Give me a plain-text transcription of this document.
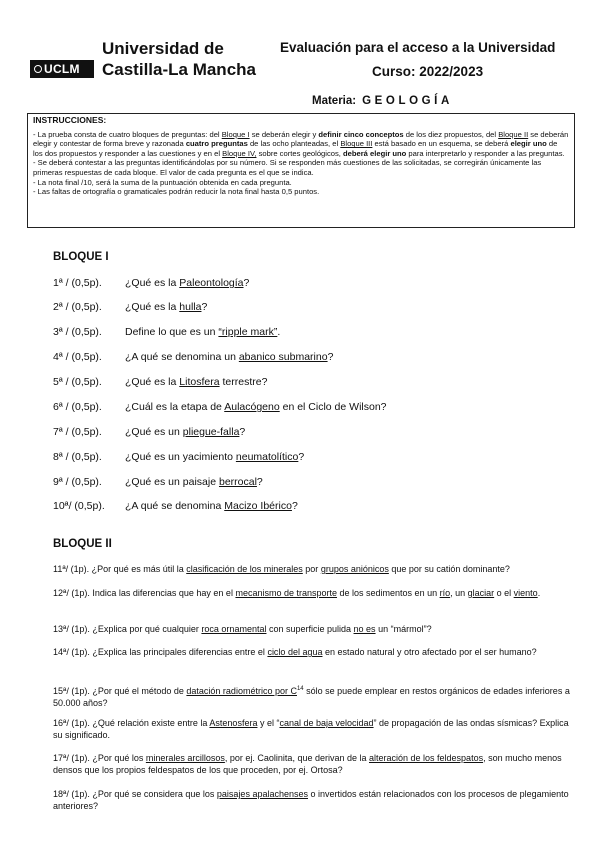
UCLM
Universidad de
Castilla-La Mancha
Evaluación para el acceso a la Universidad
Curso: 2022/2023
Materia: GEOLOGÍA
INSTRUCCIONES:

- La prueba consta de cuatro bloques de preguntas: del Bloque I se deberán elegir y definir cinco conceptos de los diez propuestos, del Bloque II se deberán elegir y contestar de forma breve y razonada cuatro preguntas de las ocho planteadas, el Bloque III está basado en un esquema, se deberá elegir uno de los dos propuestos y responder a las cuestiones y en el Bloque IV, sobre cortes geológicos, deberá elegir uno para interpretarlo y responder a las preguntas.

- Se deberá contestar a las preguntas identificándolas por su número. Si se responden más cuestiones de las solicitadas, se corregirán únicamente las primeras respuestas de cada bloque. El valor de cada pregunta es el que se indica.

- La nota final /10, será la suma de la puntuación obtenida en cada pregunta.

- Las faltas de ortografía o gramaticales podrán reducir la nota final hasta 0,5 puntos.

BLOQUE I
1ª / (0,5p). ¿Qué es la Paleontología?
2ª / (0,5p). ¿Qué es la hulla?
3ª / (0,5p). Define lo que es un “ripple mark”.
4ª / (0,5p). ¿A qué se denomina un abanico submarino?
5ª / (0,5p). ¿Qué es la Litosfera terrestre?
6ª / (0,5p). ¿Cuál es la etapa de Aulacógeno en el Ciclo de Wilson?
7ª / (0,5p). ¿Qué es un pliegue-falla?
8ª / (0,5p). ¿Qué es un yacimiento neumatolítico?
9ª / (0,5p). ¿Qué es un paisaje berrocal?
10ª/ (0,5p). ¿A qué se denomina Macizo Ibérico?
BLOQUE II
11ª/ (1p). ¿Por qué es más útil la clasificación de los minerales por grupos aniónicos que por su catión dominante?
12ª/ (1p). Indica las diferencias que hay en el mecanismo de transporte de los sedimentos en un río, un glaciar o el viento.
13ª/ (1p). ¿Explica por qué cualquier roca ornamental con superficie pulida no es un “mármol”?
14ª/ (1p). ¿Explica las principales diferencias entre el ciclo del agua en estado natural y otro afectado por el ser humano?
15ª/ (1p). ¿Por qué el método de datación radiométrico por $C^{14}$ sólo se puede emplear en restos orgánicos de edades inferiores a 50.000 años?
16ª/ (1p). ¿Qué relación existe entre la Astenosfera y el “canal de baja velocidad” de propagación de las ondas sísmicas? Explica su significado.
17ª/ (1p). ¿Por qué los minerales arcillosos, por ej. Caolinita, que derivan de la alteración de los feldespatos, son mucho menos densos que los propios feldespatos de los que proceden, por ej. Ortosa?
18ª/ (1p). ¿Por qué se considera que los paisajes apalachenses o invertidos están relacionados con los procesos de plegamiento anteriores?
